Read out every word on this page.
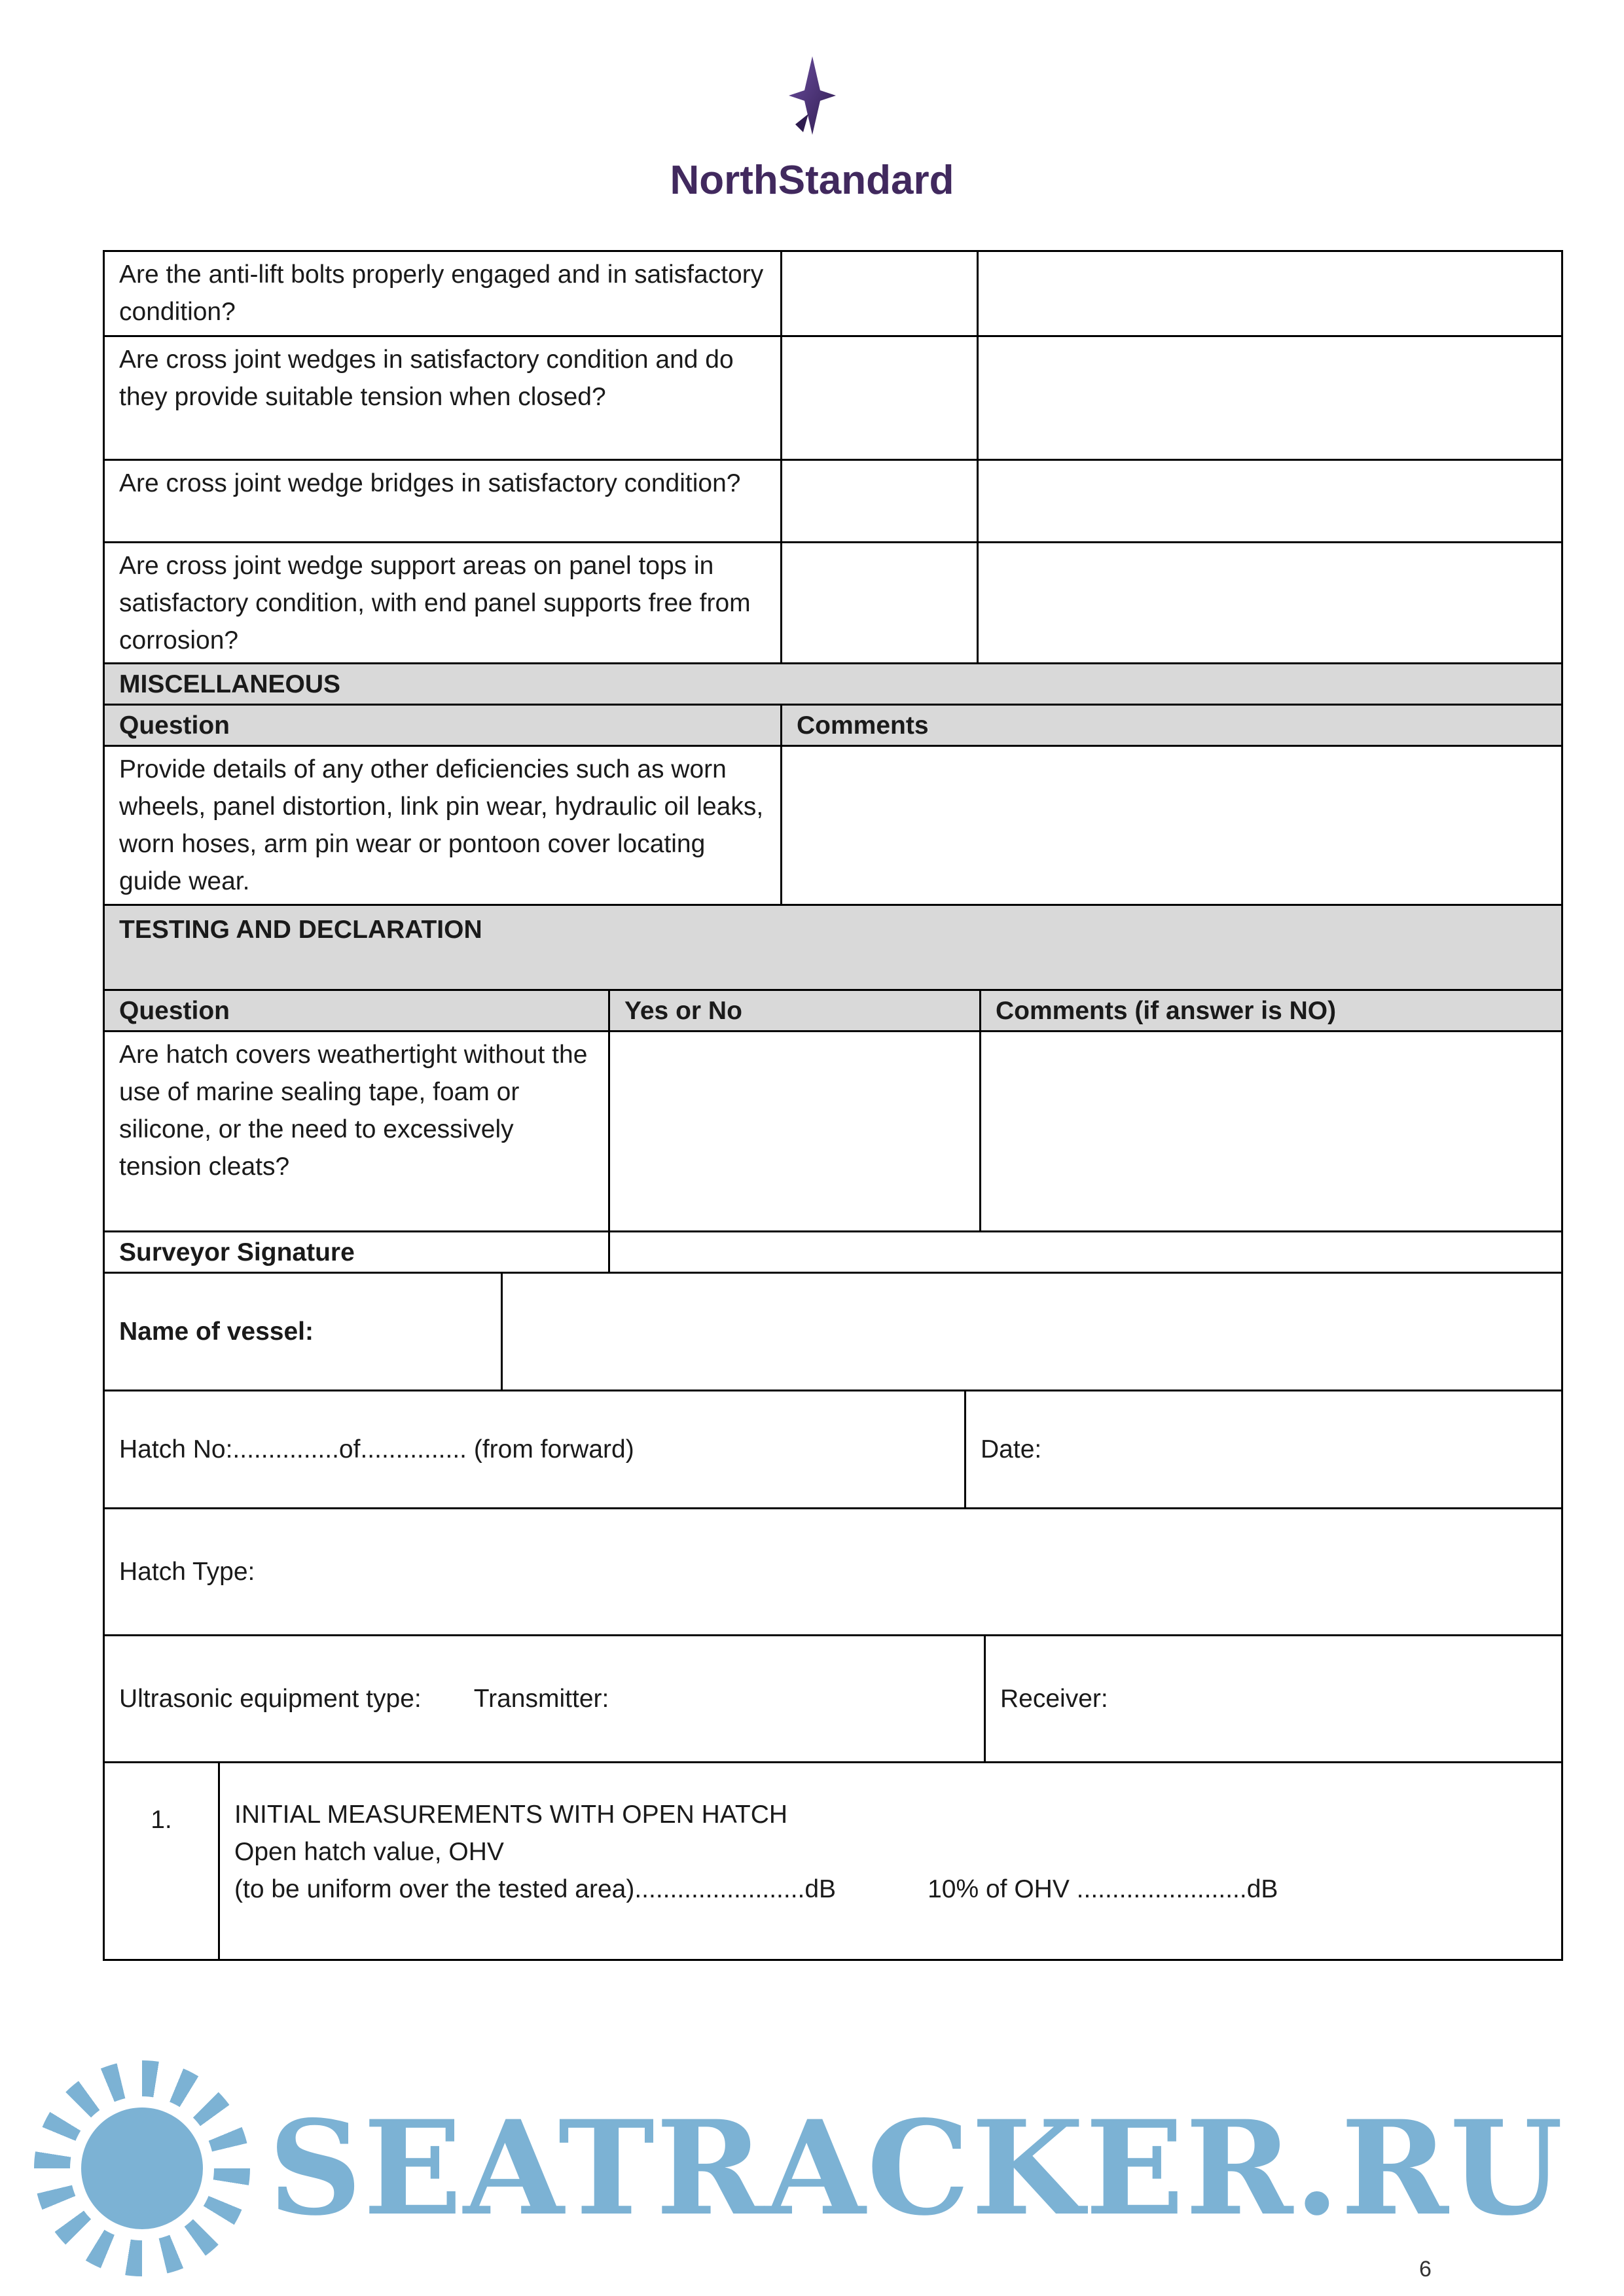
NorthStandard
Are the anti-lift bolts properly engaged and in satisfactory condition?
Are cross joint wedges in satisfactory condition and do they provide suitable tension when closed?
Are cross joint wedge bridges in satisfactory condition?
Are cross joint wedge support areas on panel tops in satisfactory condition, with end panel supports free from corrosion?
MISCELLANEOUS
Question	Comments
Provide details of any other deficiencies such as worn wheels, panel distortion, link pin wear, hydraulic oil leaks, worn hoses, arm pin wear or pontoon cover locating guide wear.
TESTING AND DECLARATION
Question	Yes or No	Comments (if answer is NO)
Are hatch covers weathertight without the use of marine sealing tape, foam or silicone, or the need to excessively tension cleats?
Surveyor Signature
Name of vessel:
Hatch No:...............of............... (from forward)	Date:
Hatch Type:
Ultrasonic equipment type: Transmitter:	Receiver:
1.	INITIAL MEASUREMENTS WITH OPEN HATCH
Open hatch value, OHV
(to be uniform over the tested area)........................dB	10% of OHV ........................dB
SEATRACKER.RU
6
